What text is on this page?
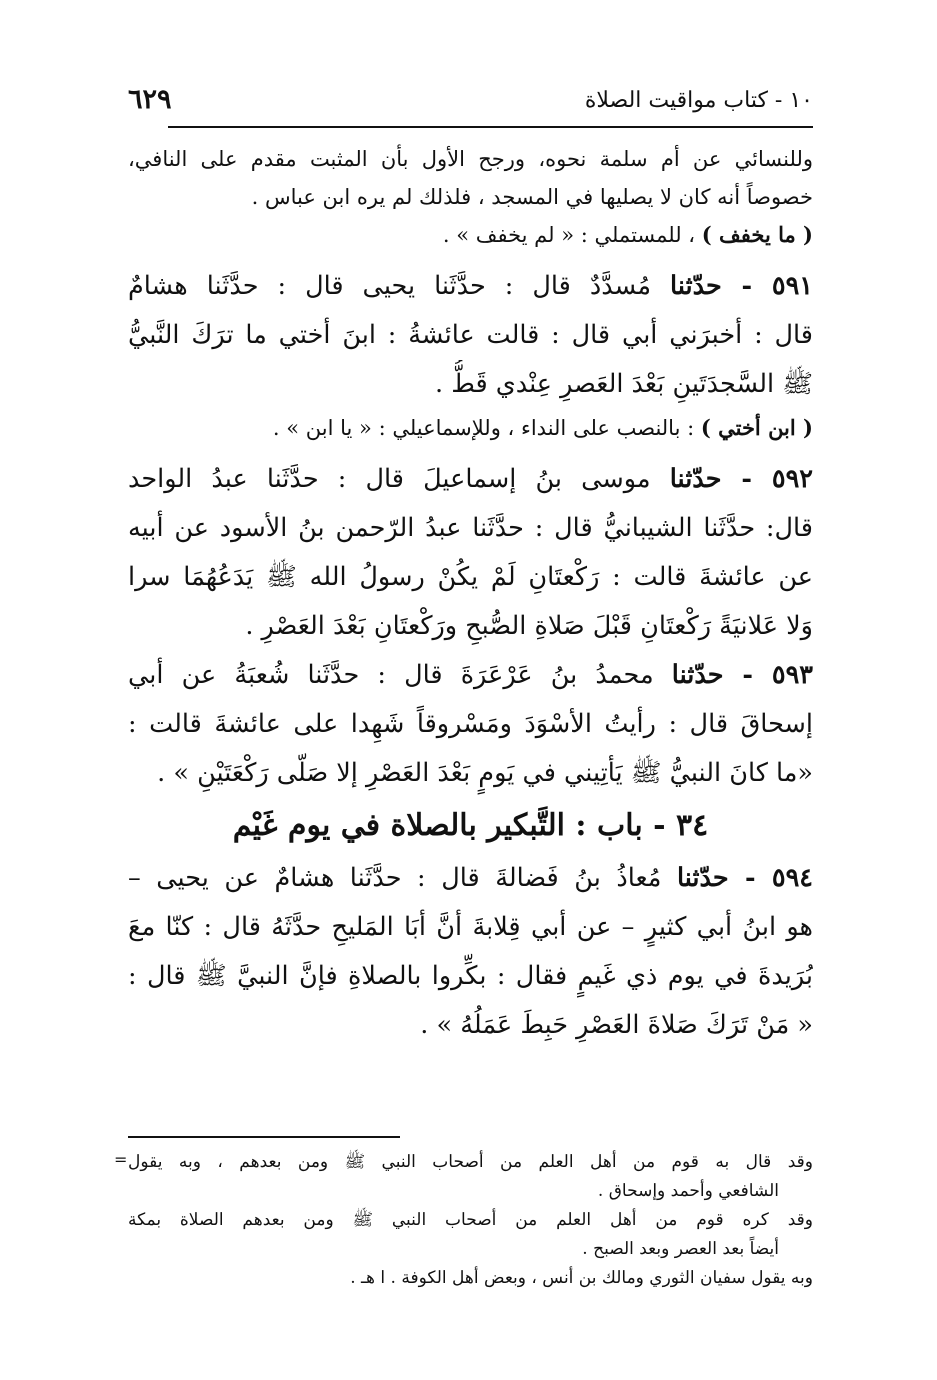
١٠ - كتاب مواقيت الصلاة
٦٢٩
وللنسائي عن أم سلمة نحوه، ورجح الأول بأن المثبت مقدم على النافي،
خصوصاً أنه كان لا يصليها في المسجد ، فلذلك لم يره ابن عباس .
( ما يخفف ) ، للمستملي : « لم يخفف » .
٥٩١ - حدّثنا مُسدَّدٌ قال : حدَّثَنا يحيى قال : حدَّثَنا هشامٌ
قال : أخبرَني أبي قال : قالت عائشةُ : ابنَ أختي ما ترَكَ النَّبيُّ
ﷺ السَّجدَتَينِ بَعْدَ العَصرِ عِنْدي قَطُّ .
( ابن أختي ) : بالنصب على النداء ، وللإسماعيلي : « يا ابن » .
٥٩٢ - حدّثنا موسى بنُ إسماعيلَ قال : حدَّثَنا عبدُ الواحد
قال: حدَّثَنا الشيبانيُّ قال : حدَّثَنا عبدُ الرّحمن بنُ الأسود عن أبيه
عن عائشةَ قالت : رَكْعتَانِ لَمْ يكُنْ رسولُ الله ﷺ يَدَعُهُمَا سرا
وَلا عَلانيَةً رَكْعتَانِ قَبْلَ صَلاةِ الصُّبحِ ورَكْعتَانِ بَعْدَ العَصْرِ .
٥٩٣ - حدّثنا محمدُ بنُ عَرْعَرَةَ قال : حدَّثَنا شُعبَةُ عن أبي
إسحاقَ قال : رأيتُ الأسْوَدَ ومَسْروقاً شَهِدا على عائشةَ قالت :
«ما كانَ النبيُّ ﷺ يَأتِيني في يَومٍ بَعْدَ العَصْرِ إلا صَلّى رَكْعَتَيْنِ » .
٣٤ - باب : التَّبكير بالصلاة في يوم غَيْم
٥٩٤ - حدّثنا مُعاذُ بنُ فَضالةَ قال : حدَّثَنا هشامٌ عن يحيى –
هو ابنُ أبي كثيرٍ – عن أبي قِلابةَ أنَّ أبَا المَليحِ حدَّثَهُ قال : كنّا معَ
بُرَيدةَ في يوم ذي غَيمٍ فقال : بكِّروا بالصلاةِ فإنَّ النبيَّ ﷺ قال :
« مَنْ تَرَكَ صَلاةَ العَصْرِ حَبِطَ عَمَلُهُ » .
= وقد قال به قوم من أهل العلم من أصحاب النبي ﷺ ومن بعدهم ، وبه يقول
الشافعي وأحمد وإسحاق .
وقد كره قوم من أهل العلم من أصحاب النبي ﷺ ومن بعدهم الصلاة بمكة
أيضاً بعد العصر وبعد الصبح .
وبه يقول سفيان الثوري ومالك بن أنس ، وبعض أهل الكوفة . ا هـ .
